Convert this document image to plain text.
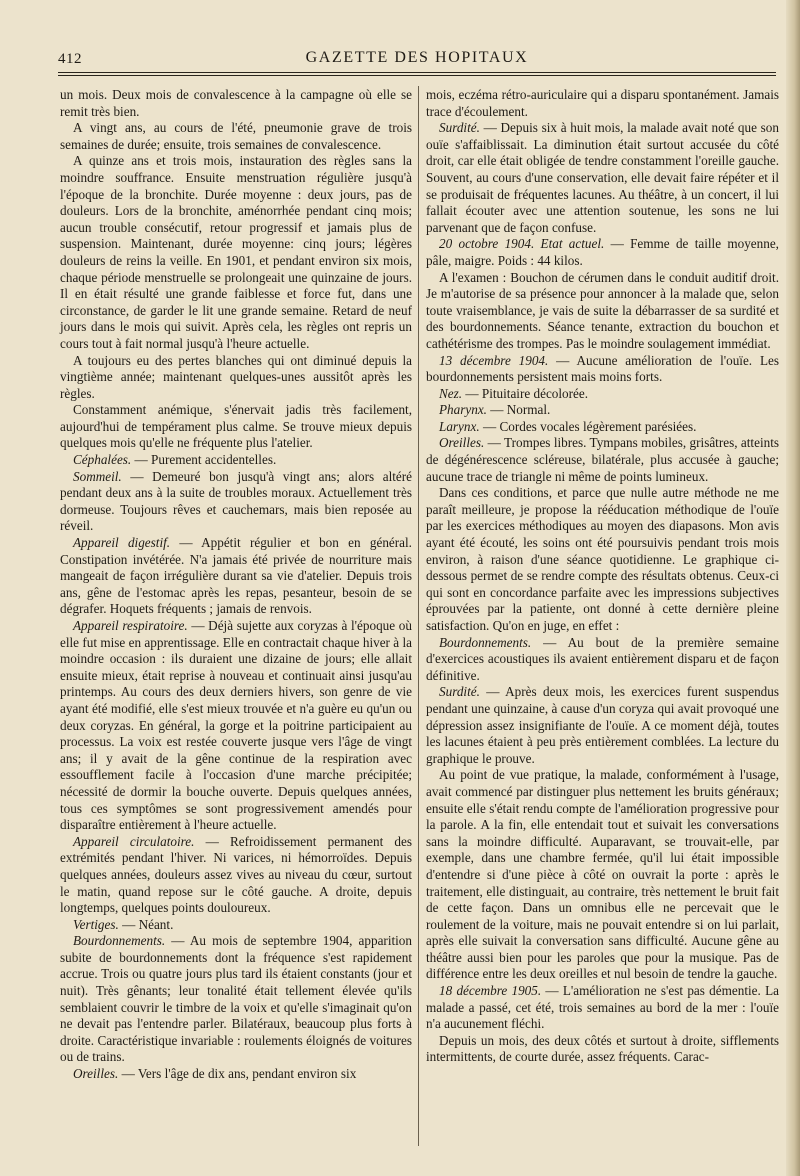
412	GAZETTE DES HOPITAUX

un mois. Deux mois de convalescence à la campagne où elle se remit très bien.

A vingt ans, au cours de l'été, pneumonie grave de trois semaines de durée; ensuite, trois semaines de convalescence.

A quinze ans et trois mois, instauration des règles sans la moindre souffrance. Ensuite menstruation régulière jusqu'à l'époque de la bronchite. Durée moyenne : deux jours, pas de douleurs. Lors de la bronchite, aménorrhée pendant cinq mois; aucun trouble consécutif, retour progressif et jamais plus de suspension. Maintenant, durée moyenne: cinq jours; légères douleurs de reins la veille. En 1901, et pendant environ six mois, chaque période menstruelle se prolongeait une quinzaine de jours. Il en était résulté une grande faiblesse et force fut, dans une circonstance, de garder le lit une grande semaine. Retard de neuf jours dans le mois qui suivit. Après cela, les règles ont repris un cours tout à fait normal jusqu'à l'heure actuelle.

A toujours eu des pertes blanches qui ont diminué depuis la vingtième année; maintenant quelques-unes aussitôt après les règles.

Constamment anémique, s'énervait jadis très facilement, aujourd'hui de tempérament plus calme. Se trouve mieux depuis quelques mois qu'elle ne fréquente plus l'atelier.

Céphalées. — Purement accidentelles.

Sommeil. — Demeuré bon jusqu'à vingt ans; alors altéré pendant deux ans à la suite de troubles moraux. Actuellement très dormeuse. Toujours rêves et cauchemars, mais bien reposée au réveil.

Appareil digestif. — Appétit régulier et bon en général. Constipation invétérée. N'a jamais été privée de nourriture mais mangeait de façon irrégulière durant sa vie d'atelier. Depuis trois ans, gêne de l'estomac après les repas, pesanteur, besoin de se dégrafer. Hoquets fréquents ; jamais de renvois.

Appareil respiratoire. — Déjà sujette aux coryzas à l'époque où elle fut mise en apprentissage. Elle en contractait chaque hiver à la moindre occasion : ils duraient une dizaine de jours; elle allait ensuite mieux, était reprise à nouveau et continuait ainsi jusqu'au printemps. Au cours des deux derniers hivers, son genre de vie ayant été modifié, elle s'est mieux trouvée et n'a guère eu qu'un ou deux coryzas. En général, la gorge et la poitrine participaient au processus. La voix est restée couverte jusque vers l'âge de vingt ans; il y avait de la gêne continue de la respiration avec essoufflement facile à l'occasion d'une marche précipitée; nécessité de dormir la bouche ouverte. Depuis quelques années, tous ces symptômes se sont progressivement amendés pour disparaître entièrement à l'heure actuelle.

Appareil circulatoire. — Refroidissement permanent des extrémités pendant l'hiver. Ni varices, ni hémorroïdes. Depuis quelques années, douleurs assez vives au niveau du cœur, surtout le matin, quand repose sur le côté gauche. A droite, depuis longtemps, quelques points douloureux.

Vertiges. — Néant.

Bourdonnements. — Au mois de septembre 1904, apparition subite de bourdonnements dont la fréquence s'est rapidement accrue. Trois ou quatre jours plus tard ils étaient constants (jour et nuit). Très gênants; leur tonalité était tellement élevée qu'ils semblaient couvrir le timbre de la voix et qu'elle s'imaginait qu'on ne devait pas l'entendre parler. Bilatéraux, beaucoup plus forts à droite. Caractéristique invariable : roulements éloignés de voitures ou de trains.

Oreilles. — Vers l'âge de dix ans, pendant environ six

mois, eczéma rétro-auriculaire qui a disparu spontanément. Jamais trace d'écoulement.

Surdité. — Depuis six à huit mois, la malade avait noté que son ouïe s'affaiblissait. La diminution était surtout accusée du côté droit, car elle était obligée de tendre constamment l'oreille gauche. Souvent, au cours d'une conservation, elle devait faire répéter et il se produisait de fréquentes lacunes. Au théâtre, à un concert, il lui fallait écouter avec une attention soutenue, les sons ne lui parvenant que de façon confuse.

20 octobre 1904. Etat actuel. — Femme de taille moyenne, pâle, maigre. Poids : 44 kilos.

A l'examen : Bouchon de cérumen dans le conduit auditif droit. Je m'autorise de sa présence pour annoncer à la malade que, selon toute vraisemblance, je vais de suite la débarrasser de sa surdité et des bourdonnements. Séance tenante, extraction du bouchon et cathétérisme des trompes. Pas le moindre soulagement immédiat.

13 décembre 1904. — Aucune amélioration de l'ouïe. Les bourdonnements persistent mais moins forts.

Nez. — Pituitaire décolorée.

Pharynx. — Normal.

Larynx. — Cordes vocales légèrement parésiées.

Oreilles. — Trompes libres. Tympans mobiles, grisâtres, atteints de dégénérescence scléreuse, bilatérale, plus accusée à gauche; aucune trace de triangle ni même de points lumineux.

Dans ces conditions, et parce que nulle autre méthode ne me paraît meilleure, je propose la rééducation méthodique de l'ouïe par les exercices méthodiques au moyen des diapasons. Mon avis ayant été écouté, les soins ont été poursuivis pendant trois mois environ, à raison d'une séance quotidienne. Le graphique ci-dessous permet de se rendre compte des résultats obtenus. Ceux-ci qui sont en concordance parfaite avec les impressions subjectives éprouvées par la patiente, ont donné à cette dernière pleine satisfaction. Qu'on en juge, en effet :

Bourdonnements. — Au bout de la première semaine d'exercices acoustiques ils avaient entièrement disparu et de façon définitive.

Surdité. — Après deux mois, les exercices furent suspendus pendant une quinzaine, à cause d'un coryza qui avait provoqué une dépression assez insignifiante de l'ouïe. A ce moment déjà, toutes les lacunes étaient à peu près entièrement comblées. La lecture du graphique le prouve.

Au point de vue pratique, la malade, conformément à l'usage, avait commencé par distinguer plus nettement les bruits généraux; ensuite elle s'était rendu compte de l'amélioration progressive pour la parole. A la fin, elle entendait tout et suivait les conversations sans la moindre difficulté. Auparavant, se trouvait-elle, par exemple, dans une chambre fermée, qu'il lui était impossible d'entendre si d'une pièce à côté on ouvrait la porte : après le traitement, elle distinguait, au contraire, très nettement le bruit fait de cette façon. Dans un omnibus elle ne percevait que le roulement de la voiture, mais ne pouvait entendre si on lui parlait, après elle suivait la conversation sans difficulté. Aucune gêne au théâtre aussi bien pour les paroles que pour la musique. Pas de différence entre les deux oreilles et nul besoin de tendre la gauche.

18 décembre 1905. — L'amélioration ne s'est pas démentie. La malade a passé, cet été, trois semaines au bord de la mer : l'ouïe n'a aucunement fléchi.

Depuis un mois, des deux côtés et surtout à droite, sifflements intermittents, de courte durée, assez fréquents. Carac-
